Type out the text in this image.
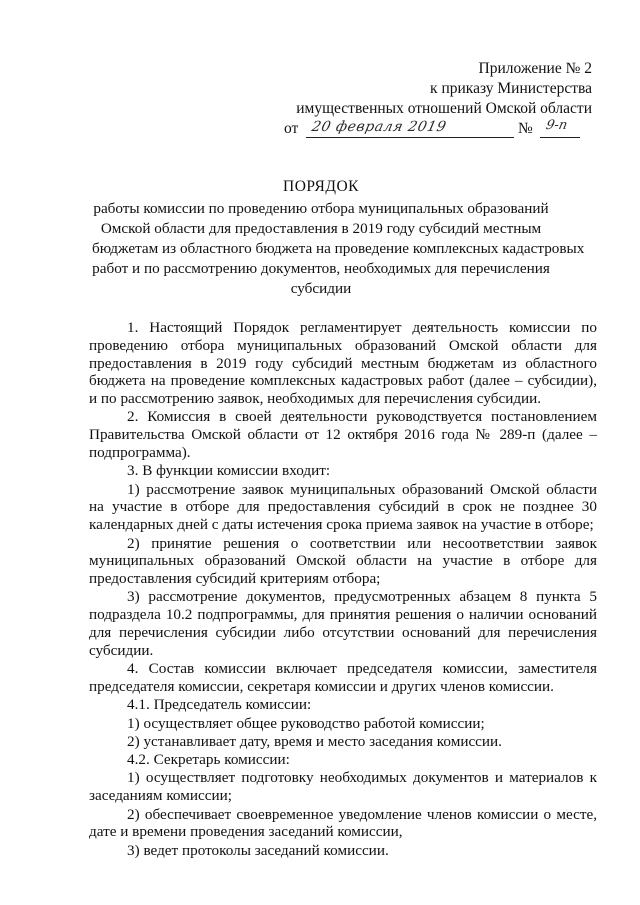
Приложение № 2
к приказу Министерства
имущественных отношений Омской области
от 20 февраля 2019	№ 9-п
ПОРЯДОК
работы комиссии по проведению отбора муниципальных образований
Омской области для предоставления в 2019 году субсидий местным
бюджетам из областного бюджета на проведение комплексных кадастровых
работ и по рассмотрению документов, необходимых для перечисления
субсидии

1. Настоящий Порядок регламентирует деятельность комиссии по проведению отбора муниципальных образований Омской области для предоставления в 2019 году субсидий местным бюджетам из областного бюджета на проведение комплексных кадастровых работ (далее – субсидии), и по рассмотрению заявок, необходимых для перечисления субсидии.

2. Комиссия в своей деятельности руководствуется постановлением Правительства Омской области от 12 октября 2016 года № 289-п (далее – подпрограмма).

3. В функции комиссии входит:

1) рассмотрение заявок муниципальных образований Омской области на участие в отборе для предоставления субсидий в срок не позднее 30 календарных дней с даты истечения срока приема заявок на участие в отборе;

2) принятие решения о соответствии или несоответствии заявок муниципальных образований Омской области на участие в отборе для предоставления субсидий критериям отбора;

3) рассмотрение документов, предусмотренных абзацем 8 пункта 5 подраздела 10.2 подпрограммы, для принятия решения о наличии оснований для перечисления субсидии либо отсутствии оснований для перечисления субсидии.

4. Состав комиссии включает председателя комиссии, заместителя председателя комиссии, секретаря комиссии и других членов комиссии.

4.1. Председатель комиссии:

1) осуществляет общее руководство работой комиссии;

2) устанавливает дату, время и место заседания комиссии.

4.2. Секретарь комиссии:

1) осуществляет подготовку необходимых документов и материалов к заседаниям комиссии;

2) обеспечивает своевременное уведомление членов комиссии о месте, дате и времени проведения заседаний комиссии,

3) ведет протоколы заседаний комиссии.
